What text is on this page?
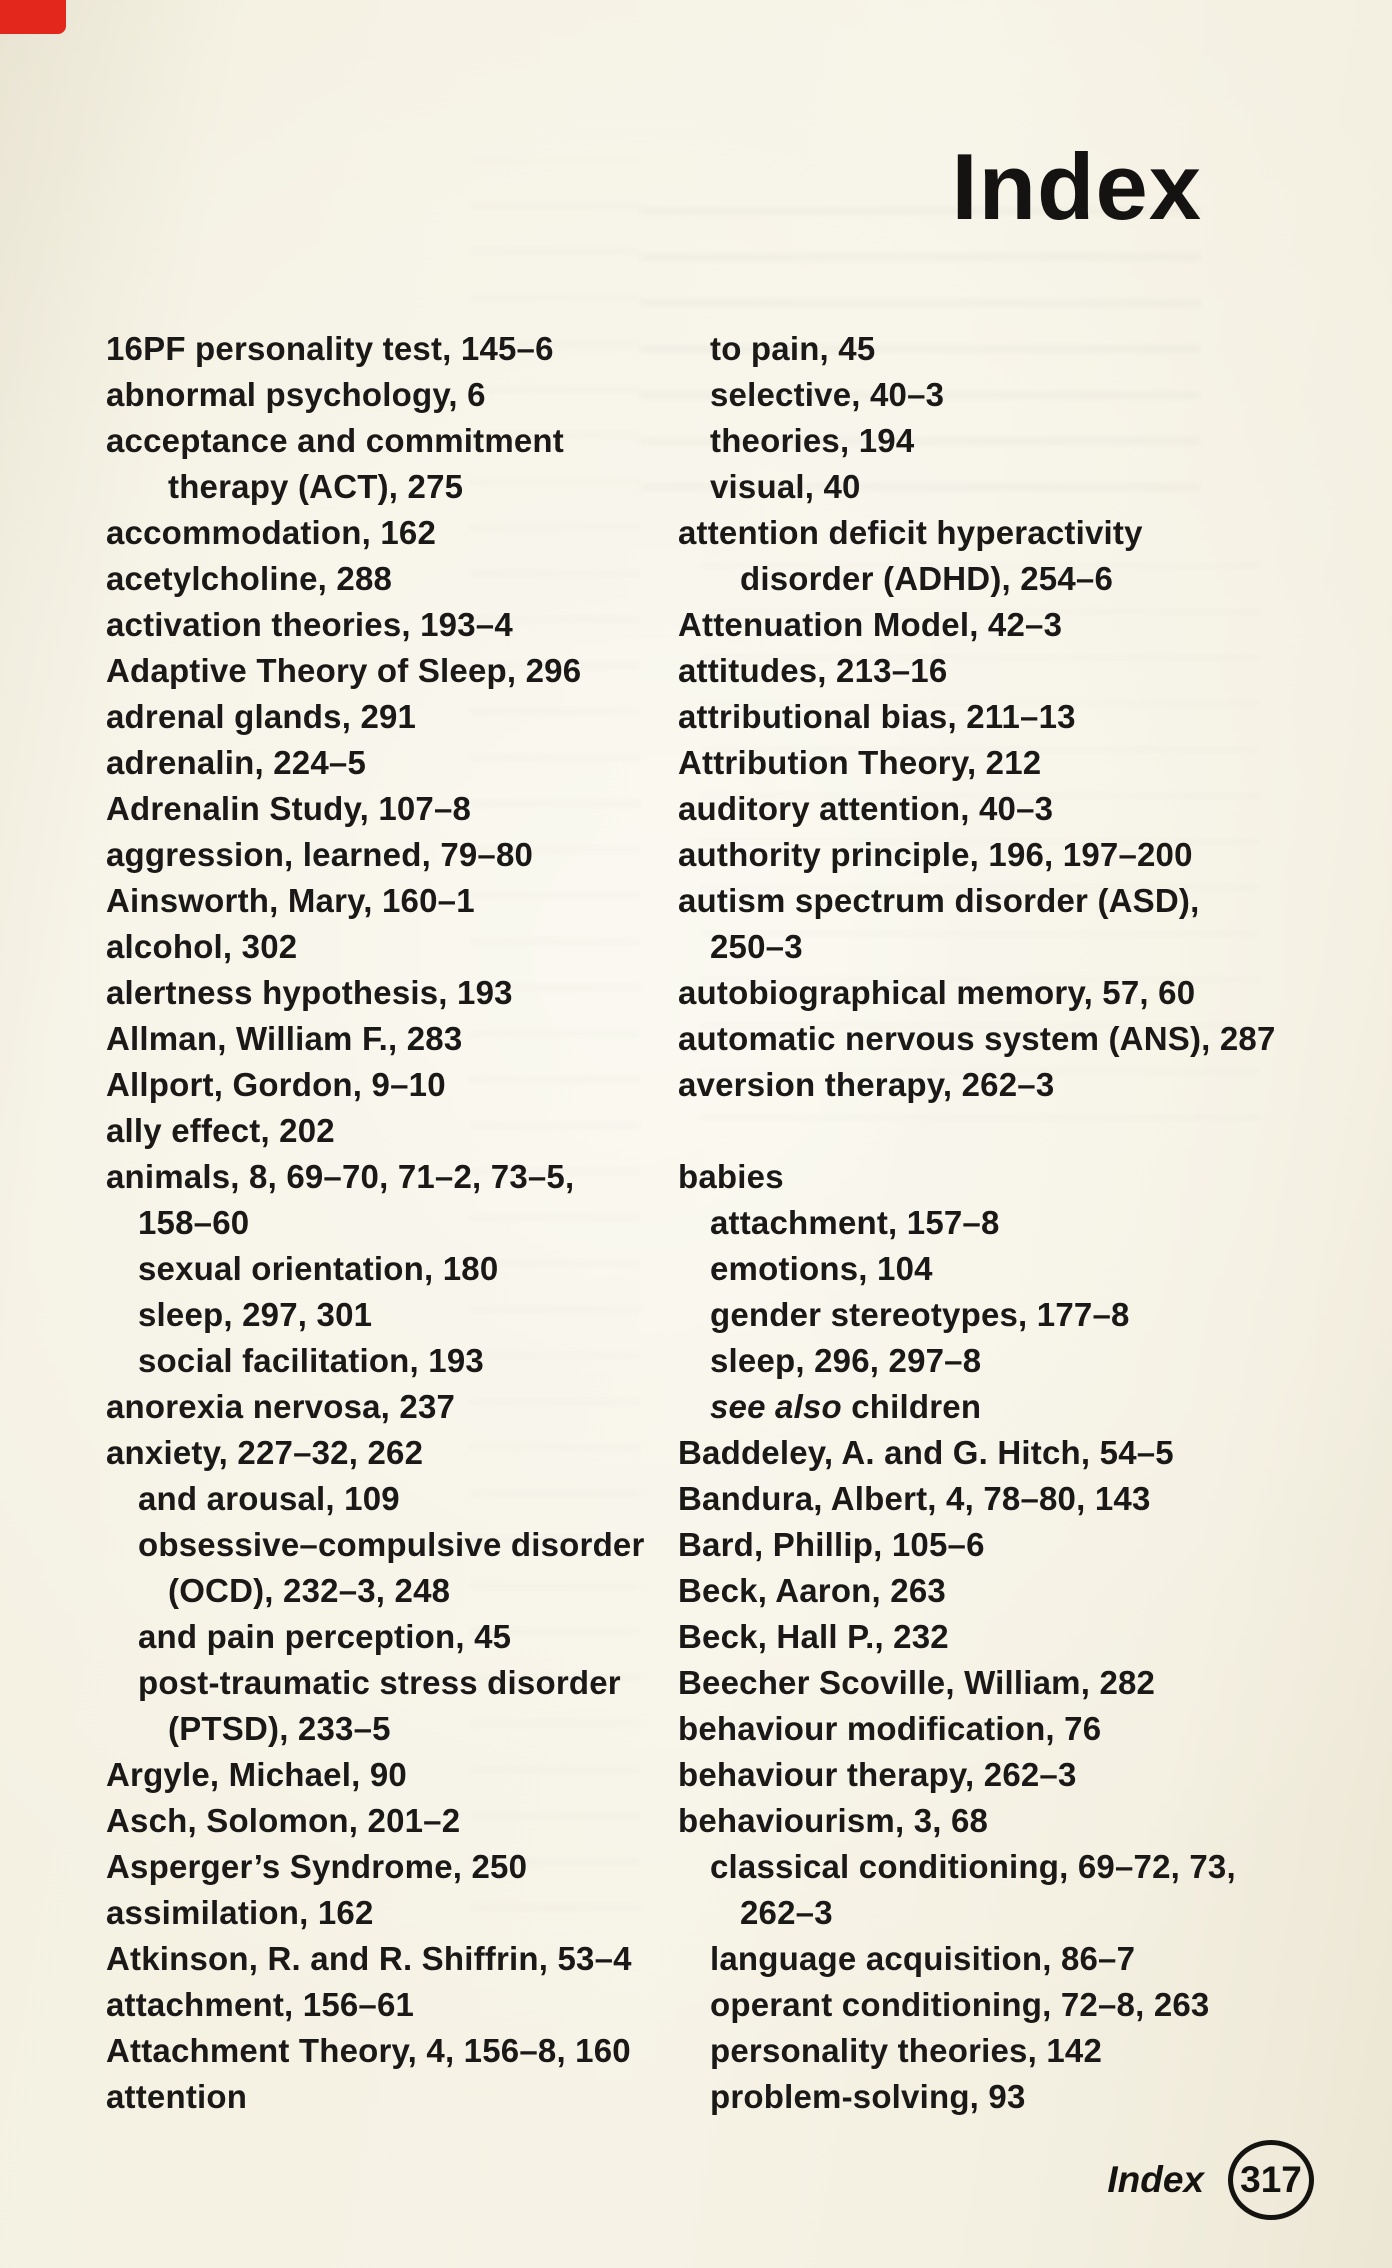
Index
16PF personality test, 145–6
abnormal psychology, 6
acceptance and commitment
therapy (ACT), 275
accommodation, 162
acetylcholine, 288
activation theories, 193–4
Adaptive Theory of Sleep, 296
adrenal glands, 291
adrenalin, 224–5
Adrenalin Study, 107–8
aggression, learned, 79–80
Ainsworth, Mary, 160–1
alcohol, 302
alertness hypothesis, 193
Allman, William F., 283
Allport, Gordon, 9–10
ally effect, 202
animals, 8, 69–70, 71–2, 73–5,
158–60
sexual orientation, 180
sleep, 297, 301
social facilitation, 193
anorexia nervosa, 237
anxiety, 227–32, 262
and arousal, 109
obsessive–compulsive disorder
(OCD), 232–3, 248
and pain perception, 45
post-traumatic stress disorder
(PTSD), 233–5
Argyle, Michael, 90
Asch, Solomon, 201–2
Asperger’s Syndrome, 250
assimilation, 162
Atkinson, R. and R. Shiffrin, 53–4
attachment, 156–61
Attachment Theory, 4, 156–8, 160
attention
to pain, 45
selective, 40–3
theories, 194
visual, 40
attention deficit hyperactivity
disorder (ADHD), 254–6
Attenuation Model, 42–3
attitudes, 213–16
attributional bias, 211–13
Attribution Theory, 212
auditory attention, 40–3
authority principle, 196, 197–200
autism spectrum disorder (ASD),
250–3
autobiographical memory, 57, 60
automatic nervous system (ANS), 287
aversion therapy, 262–3
babies
attachment, 157–8
emotions, 104
gender stereotypes, 177–8
sleep, 296, 297–8
see also children
Baddeley, A. and G. Hitch, 54–5
Bandura, Albert, 4, 78–80, 143
Bard, Phillip, 105–6
Beck, Aaron, 263
Beck, Hall P., 232
Beecher Scoville, William, 282
behaviour modification, 76
behaviour therapy, 262–3
behaviourism, 3, 68
classical conditioning, 69–72, 73,
262–3
language acquisition, 86–7
operant conditioning, 72–8, 263
personality theories, 142
problem-solving, 93
Index 317
